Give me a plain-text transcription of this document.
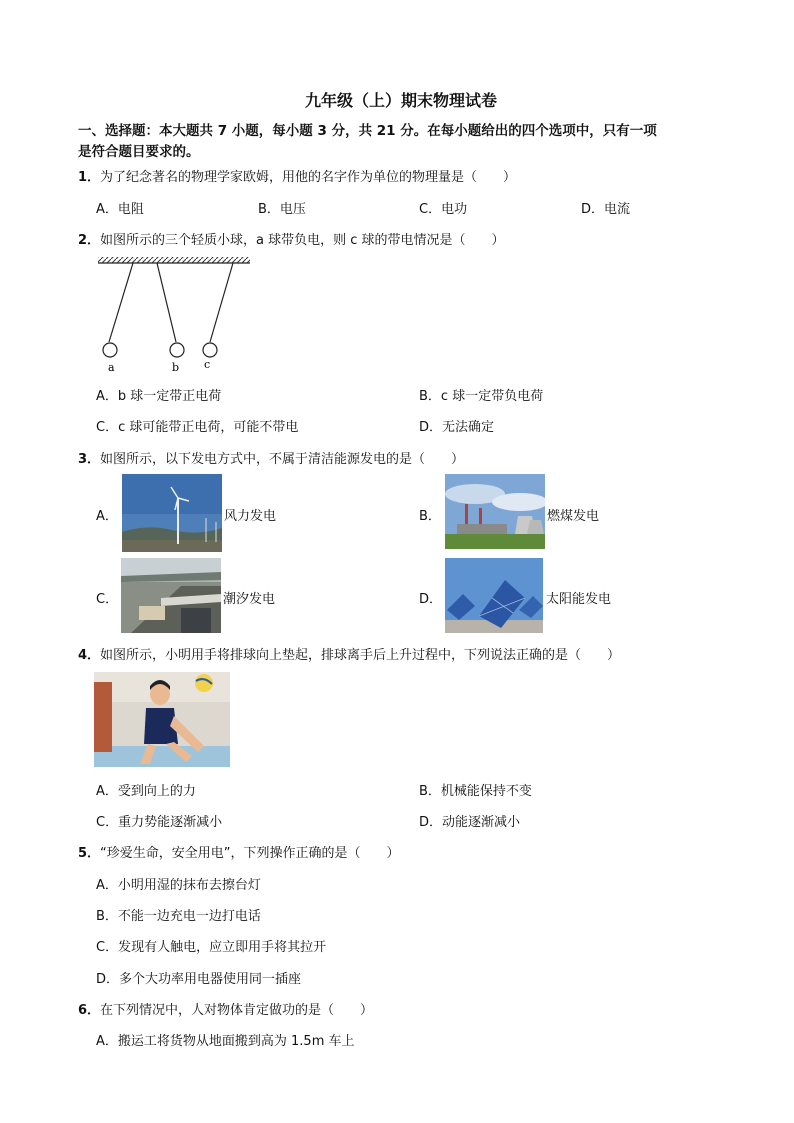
九年级（上）期末物理试卷
一、选择题：本大题共 7 小题，每小题 3 分，共 21 分。在每小题给出的四个选项中，只有一项
是符合题目要求的。
1．为了纪念著名的物理学家欧姆，用他的名字作为单位的物理量是（　　）
A．电阻	B．电压	C．电功	D．电流
2．如图所示的三个轻质小球，a 球带负电，则 c 球的带电情况是（　　）
a	b c
A．b 球一定带正电荷	B．c 球一定带负电荷
C．c 球可能带正电荷，可能不带电	D．无法确定
3．如图所示，以下发电方式中，不属于清洁能源发电的是（　　）
A．	风力发电	B．	燃煤发电
C．	潮汐发电	D．	太阳能发电
4．如图所示，小明用手将排球向上垫起，排球离手后上升过程中，下列说法正确的是（　　）
A．受到向上的力	B．机械能保持不变
C．重力势能逐渐减小	D．动能逐渐减小
5．“珍爱生命，安全用电”，下列操作正确的是（　　）
A．小明用湿的抹布去擦台灯
B．不能一边充电一边打电话
C．发现有人触电，应立即用手将其拉开
D．多个大功率用电器使用同一插座
6．在下列情况中，人对物体肯定做功的是（　　）
A．搬运工将货物从地面搬到高为 1.5m 车上
